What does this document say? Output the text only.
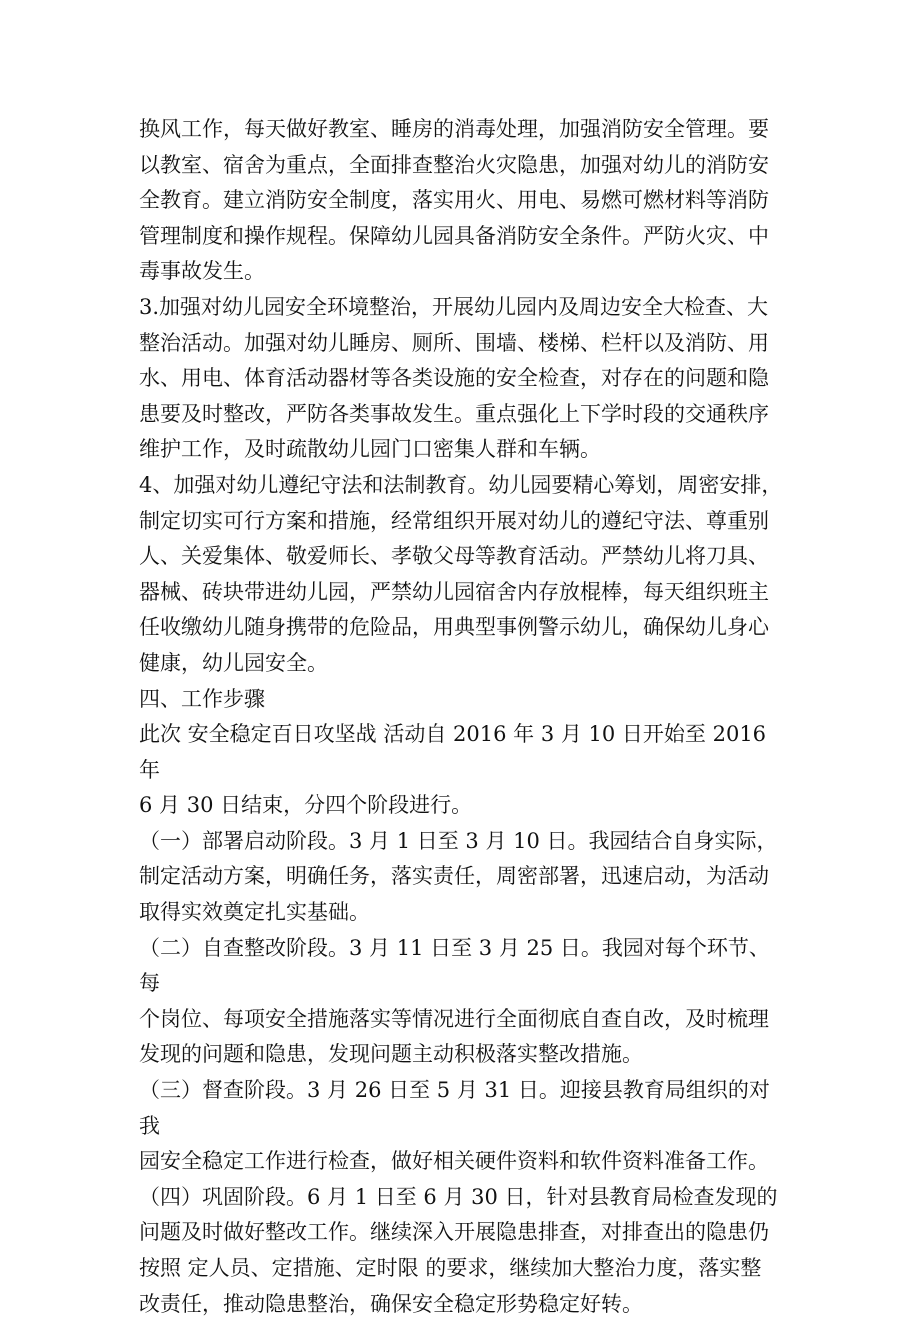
换风工作，每天做好教室、睡房的消毒处理，加强消防安全管理。要
以教室、宿舍为重点，全面排查整治火灾隐患，加强对幼儿的消防安
全教育。建立消防安全制度，落实用火、用电、易燃可燃材料等消防
管理制度和操作规程。保障幼儿园具备消防安全条件。严防火灾、中
毒事故发生。

3.加强对幼儿园安全环境整治，开展幼儿园内及周边安全大检查、大
整治活动。加强对幼儿睡房、厕所、围墙、楼梯、栏杆以及消防、用
水、用电、体育活动器材等各类设施的安全检查，对存在的问题和隐
患要及时整改，严防各类事故发生。重点强化上下学时段的交通秩序
维护工作，及时疏散幼儿园门口密集人群和车辆。

4、加强对幼儿遵纪守法和法制教育。幼儿园要精心筹划，周密安排，
制定切实可行方案和措施，经常组织开展对幼儿的遵纪守法、尊重别
人、关爱集体、敬爱师长、孝敬父母等教育活动。严禁幼儿将刀具、
器械、砖块带进幼儿园，严禁幼儿园宿舍内存放棍棒，每天组织班主
任收缴幼儿随身携带的危险品，用典型事例警示幼儿，确保幼儿身心
健康，幼儿园安全。

四、工作步骤

此次 安全稳定百日攻坚战 活动自 2016 年 3 月 10 日开始至 2016 年
6 月 30 日结束，分四个阶段进行。

（一）部署启动阶段。3 月 1 日至 3 月 10 日。我园结合自身实际，
制定活动方案，明确任务，落实责任，周密部署，迅速启动，为活动
取得实效奠定扎实基础。

（二）自查整改阶段。3 月 11 日至 3 月 25 日。我园对每个环节、每
个岗位、每项安全措施落实等情况进行全面彻底自查自改，及时梳理
发现的问题和隐患，发现问题主动积极落实整改措施。

（三）督查阶段。3 月 26 日至 5 月 31 日。迎接县教育局组织的对我
园安全稳定工作进行检查，做好相关硬件资料和软件资料准备工作。

（四）巩固阶段。6 月 1 日至 6 月 30 日，针对县教育局检查发现的
问题及时做好整改工作。继续深入开展隐患排查，对排查出的隐患仍
按照 定人员、定措施、定时限 的要求，继续加大整治力度，落实整
改责任，推动隐患整治，确保安全稳定形势稳定好转。
